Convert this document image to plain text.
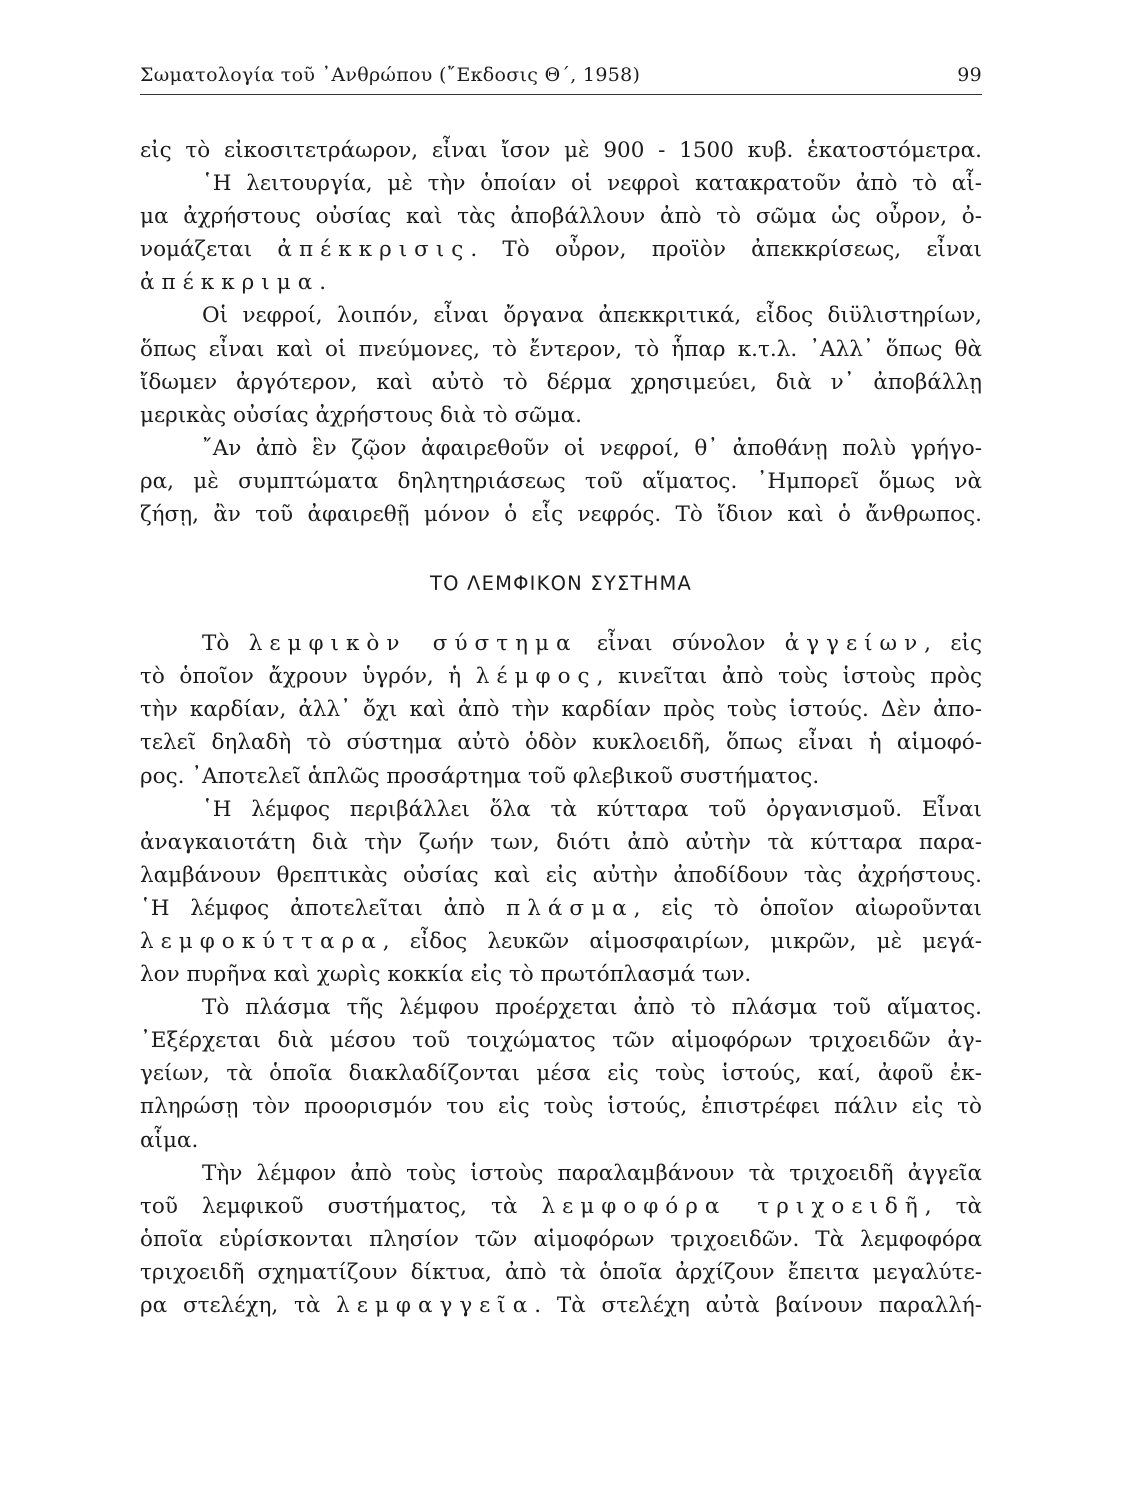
Σωματολογία τοῦ ᾿Ανθρώπου (῎Εκδοσις Θ΄, 1958)	99
εἰς τὸ εἰκοσιτετράωρον, εἶναι ἴσον μὲ 900 - 1500 κυβ. ἑκατοστόμετρα.
῾Η λειτουργία, μὲ τὴν ὁποίαν οἱ νεφροὶ κατακρατοῦν ἀπὸ τὸ αἷ-
μα ἀχρήστους οὐσίας καὶ τὰς ἀποβάλλουν ἀπὸ τὸ σῶμα ὡς οὖρον, ὀ-
νομάζεται ἀπέκκρισις. Τὸ οὖρον, προϊὸν ἀπεκκρίσεως, εἶναι
ἀπέκκριμα.
Οἱ νεφροί, λοιπόν, εἶναι ὄργανα ἀπεκκριτικά, εἶδος διϋλιστηρίων,
ὅπως εἶναι καὶ οἱ πνεύμονες, τὸ ἔντερον, τὸ ἧπαρ κ.τ.λ. ᾿Αλλ᾿ ὅπως θὰ
ἴδωμεν ἀργότερον, καὶ αὐτὸ τὸ δέρμα χρησιμεύει, διὰ ν᾿ ἀποβάλλῃ
μερικὰς οὐσίας ἀχρήστους διὰ τὸ σῶμα.
῎Αν ἀπὸ ἓν ζῷον ἀφαιρεθοῦν οἱ νεφροί, θ᾿ ἀποθάνῃ πολὺ γρήγο-
ρα, μὲ συμπτώματα δηλητηριάσεως τοῦ αἵματος. ᾿Ημπορεῖ ὅμως νὰ
ζήσῃ, ἂν τοῦ ἀφαιρεθῇ μόνον ὁ εἷς νεφρός. Τὸ ἴδιον καὶ ὁ ἄνθρωπος.
ΤΟ ΛΕΜΦΙΚΟΝ ΣΥΣΤΗΜΑ
Τὸ λεμφικὸν σύστημα εἶναι σύνολον ἀγγείων, εἰς
τὸ ὁποῖον ἄχρουν ὑγρόν, ἡ λέμφος, κινεῖται ἀπὸ τοὺς ἱστοὺς πρὸς
τὴν καρδίαν, ἀλλ᾿ ὄχι καὶ ἀπὸ τὴν καρδίαν πρὸς τοὺς ἱστούς. Δὲν ἀπο-
τελεῖ δηλαδὴ τὸ σύστημα αὐτὸ ὁδὸν κυκλοειδῆ, ὅπως εἶναι ἡ αἱμοφό-
ρος. ᾿Αποτελεῖ ἁπλῶς προσάρτημα τοῦ φλεβικοῦ συστήματος.
῾Η λέμφος περιβάλλει ὅλα τὰ κύτταρα τοῦ ὀργανισμοῦ. Εἶναι
ἀναγκαιοτάτη διὰ τὴν ζωήν των, διότι ἀπὸ αὐτὴν τὰ κύτταρα παρα-
λαμβάνουν θρεπτικὰς οὐσίας καὶ εἰς αὐτὴν ἀποδίδουν τὰς ἀχρήστους.
῾Η λέμφος ἀποτελεῖται ἀπὸ πλάσμα, εἰς τὸ ὁποῖον αἰωροῦνται
λεμφοκύτταρα, εἶδος λευκῶν αἱμοσφαιρίων, μικρῶν, μὲ μεγά-
λον πυρῆνα καὶ χωρὶς κοκκία εἰς τὸ πρωτόπλασμά των.
Τὸ πλάσμα τῆς λέμφου προέρχεται ἀπὸ τὸ πλάσμα τοῦ αἵματος.
᾿Εξέρχεται διὰ μέσου τοῦ τοιχώματος τῶν αἱμοφόρων τριχοειδῶν ἀγ-
γείων, τὰ ὁποῖα διακλαδίζονται μέσα εἰς τοὺς ἱστούς, καί, ἀφοῦ ἐκ-
πληρώσῃ τὸν προορισμόν του εἰς τοὺς ἱστούς, ἐπιστρέφει πάλιν εἰς τὸ
αἷμα.
Τὴν λέμφον ἀπὸ τοὺς ἱστοὺς παραλαμβάνουν τὰ τριχοειδῆ ἀγγεῖα
τοῦ λεμφικοῦ συστήματος, τὰ λεμφοφόρα τριχοειδῆ, τὰ
ὁποῖα εὑρίσκονται πλησίον τῶν αἱμοφόρων τριχοειδῶν. Τὰ λεμφοφόρα
τριχοειδῆ σχηματίζουν δίκτυα, ἀπὸ τὰ ὁποῖα ἀρχίζουν ἔπειτα μεγαλύτε-
ρα στελέχη, τὰ λεμφαγγεῖα. Τὰ στελέχη αὐτὰ βαίνουν παραλλή-
